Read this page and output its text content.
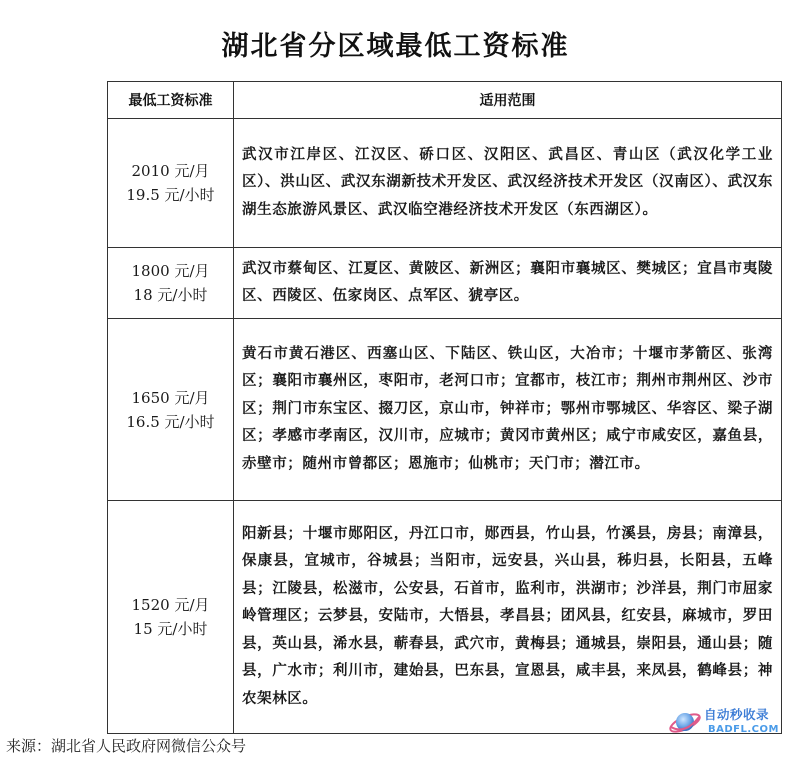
湖北省分区域最低工资标准
最低工资标准	适用范围

2010 元/月
19.5 元/小时	武汉市江岸区、江汉区、硚口区、汉阳区、武昌区、青山区（武汉化学工业区）、洪山区、武汉东湖新技术开发区、武汉经济技术开发区（汉南区）、武汉东湖生态旅游风景区、武汉临空港经济技术开发区（东西湖区）。

1800 元/月
18 元/小时	武汉市蔡甸区、江夏区、黄陂区、新洲区；襄阳市襄城区、樊城区；宜昌市夷陵区、西陵区、伍家岗区、点军区、猇亭区。

1650 元/月
16.5 元/小时	黄石市黄石港区、西塞山区、下陆区、铁山区，大冶市；十堰市茅箭区、张湾区；襄阳市襄州区，枣阳市，老河口市；宜都市，枝江市；荆州市荆州区、沙市区；荆门市东宝区、掇刀区，京山市，钟祥市；鄂州市鄂城区、华容区、梁子湖区；孝感市孝南区，汉川市，应城市；黄冈市黄州区；咸宁市咸安区，嘉鱼县，赤壁市；随州市曾都区；恩施市；仙桃市；天门市；潜江市。

1520 元/月
15 元/小时	阳新县；十堰市郧阳区，丹江口市，郧西县，竹山县，竹溪县，房县；南漳县，保康县，宜城市，谷城县；当阳市，远安县，兴山县，秭归县，长阳县，五峰县；江陵县，松滋市，公安县，石首市，监利市，洪湖市；沙洋县，荆门市屈家岭管理区；云梦县，安陆市，大悟县，孝昌县；团风县，红安县，麻城市，罗田县，英山县，浠水县，蕲春县，武穴市，黄梅县；通城县，崇阳县，通山县；随县，广水市；利川市，建始县，巴东县，宣恩县，咸丰县，来凤县，鹤峰县；神农架林区。
来源：湖北省人民政府网微信公众号
自动秒收录
BADFL.COM
